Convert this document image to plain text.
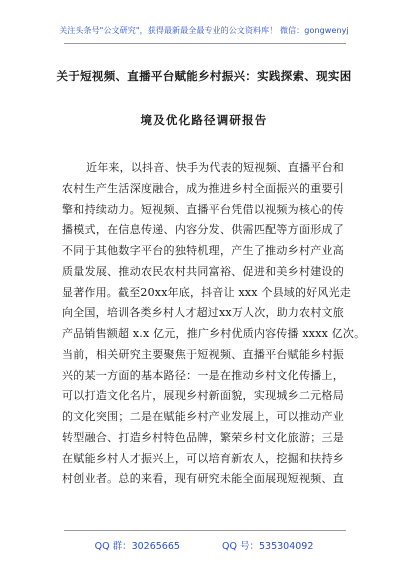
关注头条号"公文研究"，获得最新最全最专业的公文资料库！ 微信：gongwenyj
关于短视频、直播平台赋能乡村振兴：实践探索、现实困
境及优化路径调研报告
近年来，以抖音、快手为代表的短视频、直播平台和
农村生产生活深度融合，成为推进乡村全面振兴的重要引
擎和持续动力。短视频、直播平台凭借以视频为核心的传
播模式，在信息传递、内容分发、供需匹配等方面形成了
不同于其他数字平台的独特机理，产生了推动乡村产业高
质量发展、推动农民农村共同富裕、促进和美乡村建设的
显著作用。截至20xx年底，抖音让 xxx 个县域的好风光走
向全国，培训各类乡村人才超过xx万人次，助力农村文旅
产品销售额超 x.x 亿元，推广乡村优质内容传播 xxxx 亿次。
当前，相关研究主要聚焦于短视频、直播平台赋能乡村振
兴的某一方面的基本路径：一是在推动乡村文化传播上，
可以打造文化名片，展现乡村新面貌，实现城乡二元格局
的文化突围；二是在赋能乡村产业发展上，可以推动产业
转型融合、打造乡村特色品牌，繁荣乡村文化旅游；三是
在赋能乡村人才振兴上，可以培育新农人，挖掘和扶持乡
村创业者。总的来看，现有研究未能全面展现短视频、直
QQ 群：30265665	QQ 号：535304092
